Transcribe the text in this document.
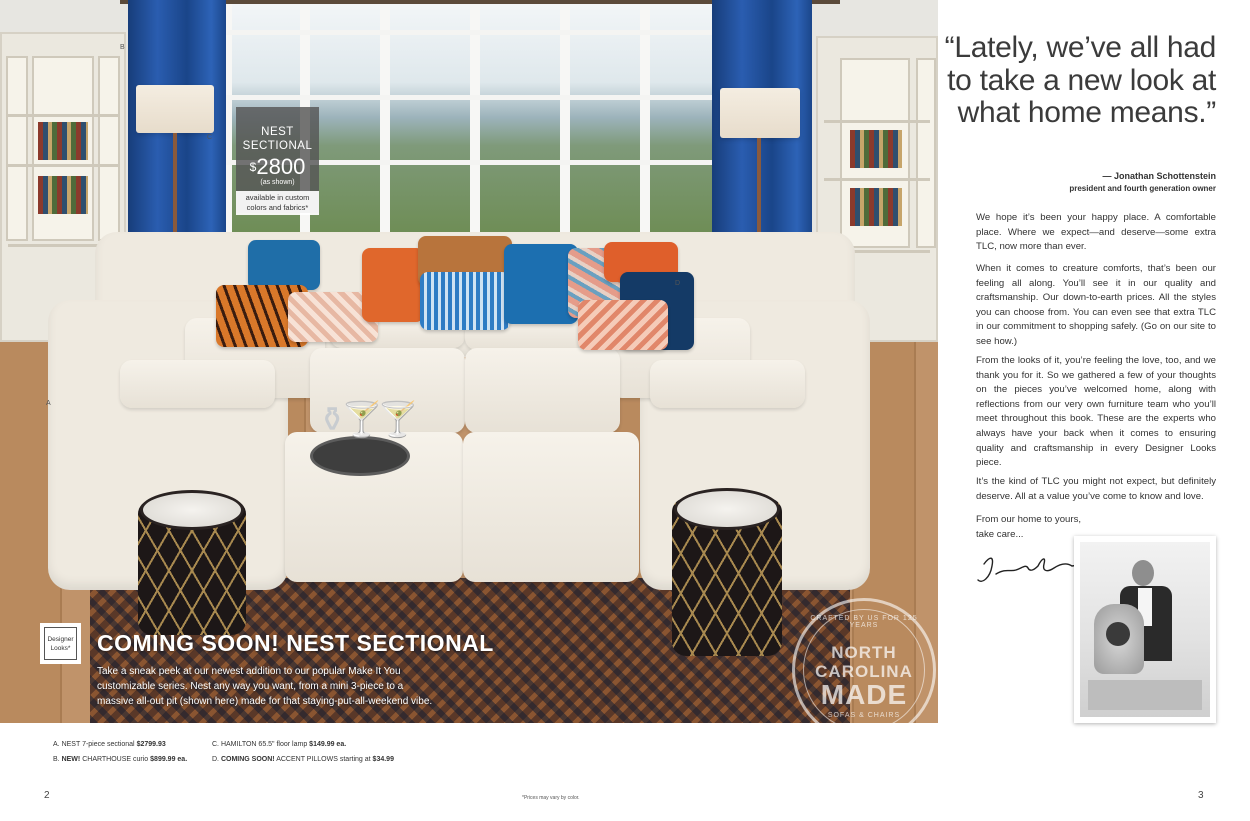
⚱🍸🍸
A
B
C
D
NEST
SECTIONAL
$2800
(as shown)
available in custom colors and fabrics*
Designer Looks* COMING SOON! NEST SECTIONAL
Take a sneak peek at our newest addition to our popular Make It You customizable series. Nest any way you want, from a mini 3-piece to a massive all-out pit (shown here) made for that staying-put-all-weekend vibe.
CRAFTED BY US FOR 125 YEARS
NORTH CAROLINA
MADE
SOFAS & CHAIRS
A. NEST 7-piece sectional $2799.93
B. NEW! CHARTHOUSE curio $899.99 ea.
C. HAMILTON 65.5" floor lamp $149.99 ea.
D. COMING SOON! ACCENT PILLOWS starting at $34.99
2	*Prices may vary by color.	3
“Lately, we’ve all had to take a new look at what home means.”
— Jonathan Schottenstein
president and fourth generation owner
We hope it’s been your happy place. A comfortable place. Where we expect—and deserve—some extra TLC, now more than ever.
When it comes to creature comforts, that’s been our feeling all along. You’ll see it in our quality and craftsmanship. Our down-to-earth prices. All the styles you can choose from. You can even see that extra TLC in our commitment to shopping safely. (Go on our site to see how.)
From the looks of it, you’re feeling the love, too, and we thank you for it. So we gathered a few of your thoughts on the pieces you’ve welcomed home, along with reflections from our very own furniture team who you’ll meet throughout this book. These are the experts who always have your back when it comes to ensuring quality and craftsmanship in every Designer Looks piece.
It’s the kind of TLC you might not expect, but definitely deserve. All at a value you’ve come to know and love.
From our home to yours,
take care...
